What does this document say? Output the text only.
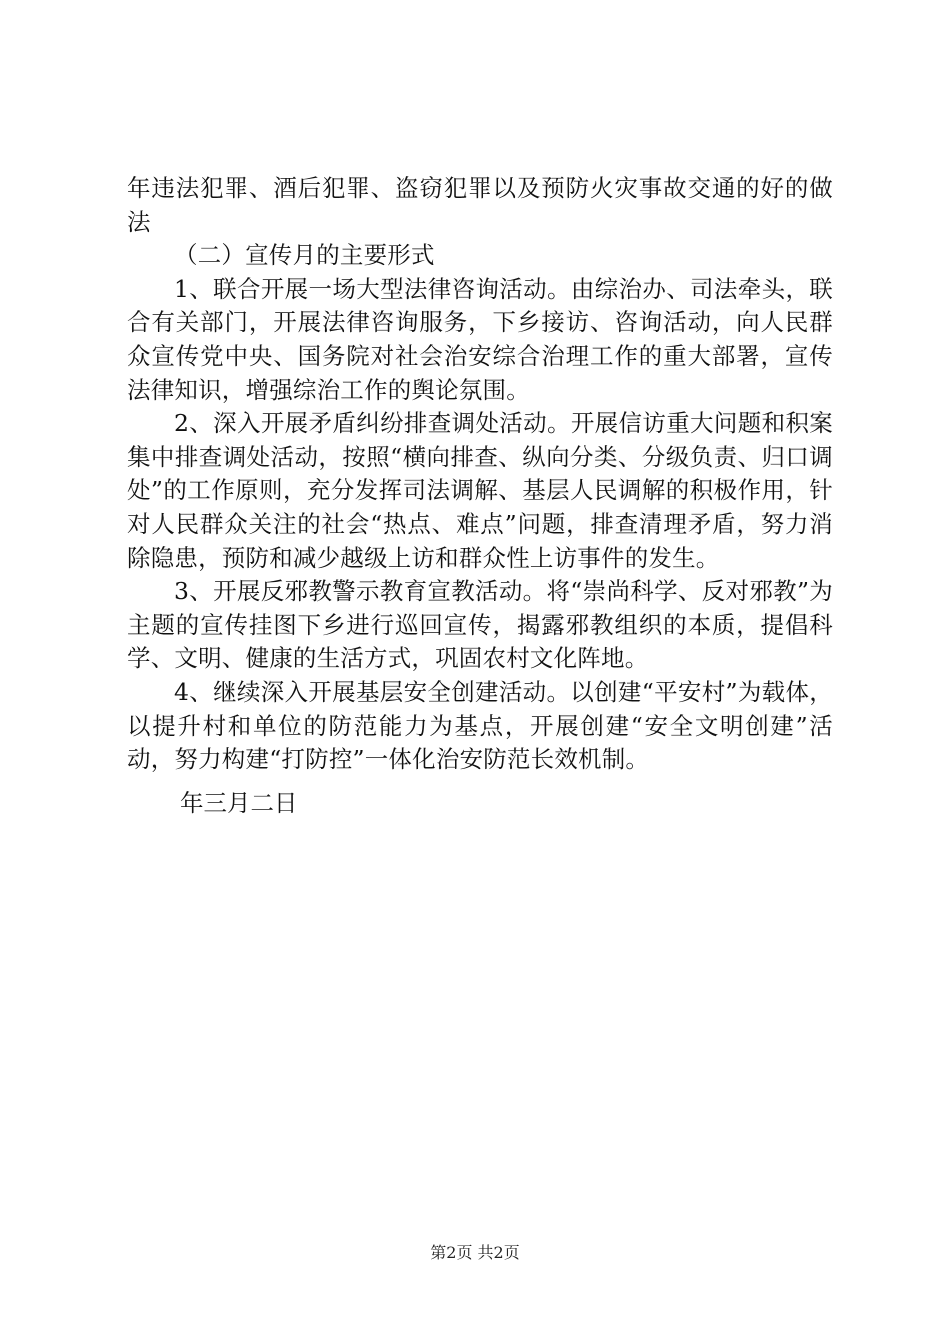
年违法犯罪、酒后犯罪、盗窃犯罪以及预防火灾事故交通的好的做法

（二）宣传月的主要形式

1、联合开展一场大型法律咨询活动。由综治办、司法牵头，联合有关部门，开展法律咨询服务，下乡接访、咨询活动，向人民群众宣传党中央、国务院对社会治安综合治理工作的重大部署，宣传法律知识，增强综治工作的舆论氛围。

2、深入开展矛盾纠纷排查调处活动。开展信访重大问题和积案集中排查调处活动，按照“横向排查、纵向分类、分级负责、归口调处”的工作原则，充分发挥司法调解、基层人民调解的积极作用，针对人民群众关注的社会“热点、难点”问题，排查清理矛盾，努力消除隐患，预防和减少越级上访和群众性上访事件的发生。

3、开展反邪教警示教育宣教活动。将“崇尚科学、反对邪教”为主题的宣传挂图下乡进行巡回宣传，揭露邪教组织的本质，提倡科学、文明、健康的生活方式，巩固农村文化阵地。

4、继续深入开展基层安全创建活动。以创建“平安村”为载体，以提升村和单位的防范能力为基点，开展创建“安全文明创建”活动，努力构建“打防控”一体化治安防范长效机制。

年三月二日
第2页 共2页
